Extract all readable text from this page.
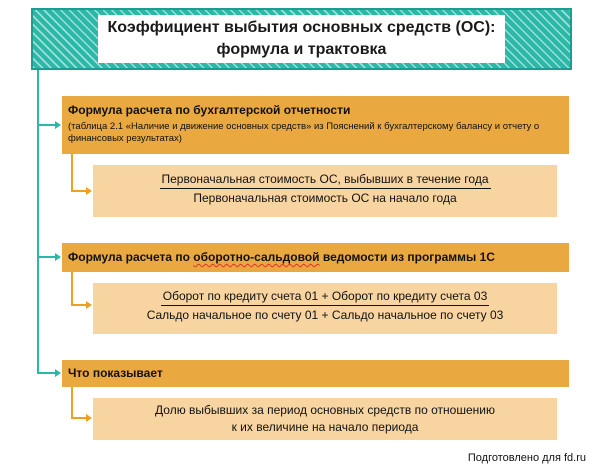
Коэффициент выбытия основных средств (ОС):
формула и трактовка
Формула расчета по бухгалтерской отчетности
(таблица 2.1 «Наличие и движение основных средств» из Пояснений к бухгалтерскому балансу и отчету о финансовых результатах)
Первоначальная стоимость ОС, выбывших в течение года
Первоначальная стоимость ОС на начало года
Формула расчета по оборотно-сальдовой ведомости из программы 1С
Оборот по кредиту счета 01 + Оборот по кредиту счета 03
Сальдо начальное по счету 01 + Сальдо начальное по счету 03
Что показывает
Долю выбывших за период основных средств по отношению
к их величине на начало периода
Подготовлено для fd.ru
